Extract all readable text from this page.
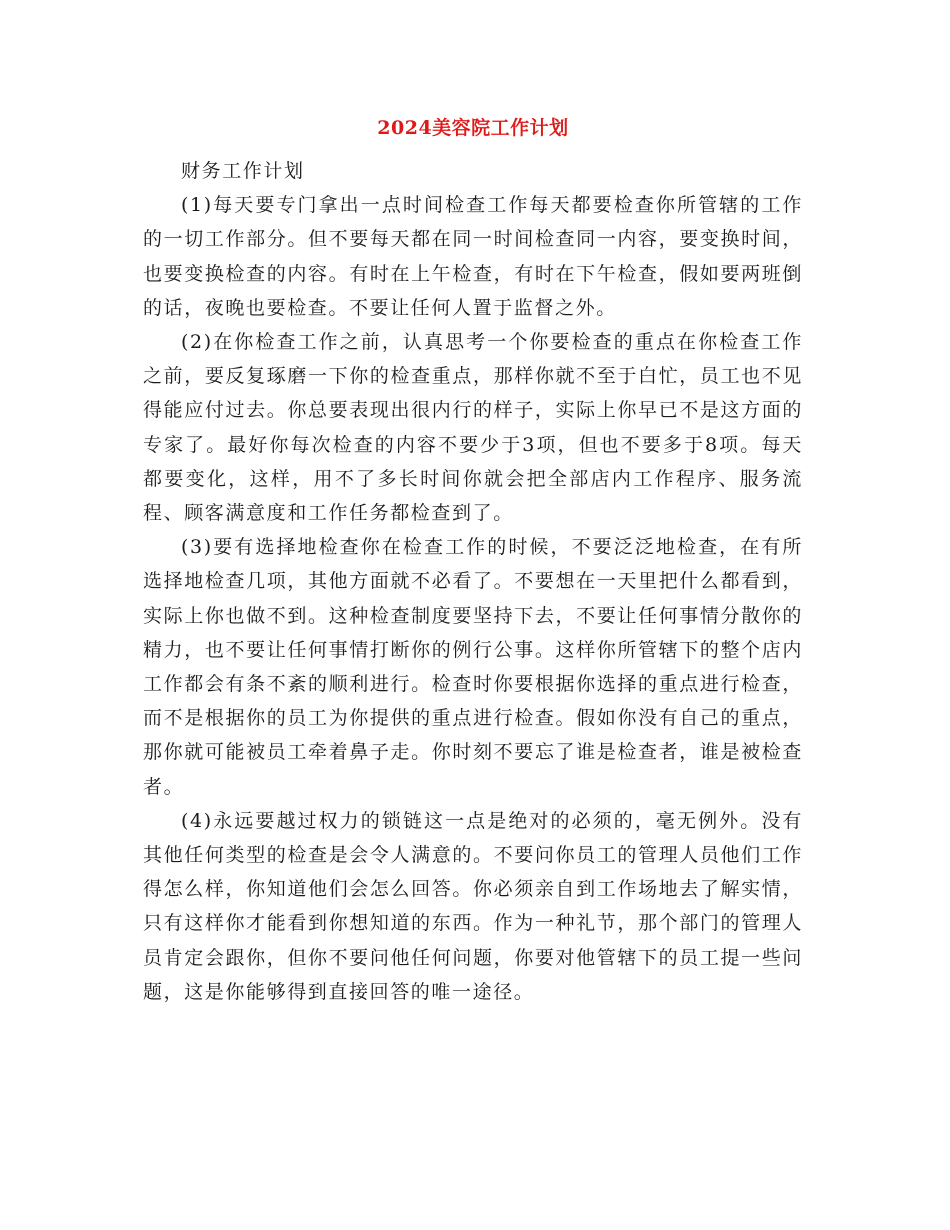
2024美容院工作计划

财务工作计划

(1)每天要专门拿出一点时间检查工作每天都要检查你所管辖的工作的一切工作部分。但不要每天都在同一时间检查同一内容，要变换时间，也要变换检查的内容。有时在上午检查，有时在下午检查，假如要两班倒的话，夜晚也要检查。不要让任何人置于监督之外。

(2)在你检查工作之前，认真思考一个你要检查的重点在你检查工作之前，要反复琢磨一下你的检查重点，那样你就不至于白忙，员工也不见得能应付过去。你总要表现出很内行的样子，实际上你早已不是这方面的专家了。最好你每次检查的内容不要少于3项，但也不要多于8项。每天都要变化，这样，用不了多长时间你就会把全部店内工作程序、服务流程、顾客满意度和工作任务都检查到了。

(3)要有选择地检查你在检查工作的时候，不要泛泛地检查，在有所选择地检查几项，其他方面就不必看了。不要想在一天里把什么都看到，实际上你也做不到。这种检查制度要坚持下去，不要让任何事情分散你的精力，也不要让任何事情打断你的例行公事。这样你所管辖下的整个店内工作都会有条不紊的顺利进行。检查时你要根据你选择的重点进行检查，而不是根据你的员工为你提供的重点进行检查。假如你没有自己的重点，那你就可能被员工牵着鼻子走。你时刻不要忘了谁是检查者，谁是被检查者。

(4)永远要越过权力的锁链这一点是绝对的必须的，毫无例外。没有其他任何类型的检查是会令人满意的。不要问你员工的管理人员他们工作得怎么样，你知道他们会怎么回答。你必须亲自到工作场地去了解实情，只有这样你才能看到你想知道的东西。作为一种礼节，那个部门的管理人员肯定会跟你，但你不要问他任何问题，你要对他管辖下的员工提一些问题，这是你能够得到直接回答的唯一途径。
